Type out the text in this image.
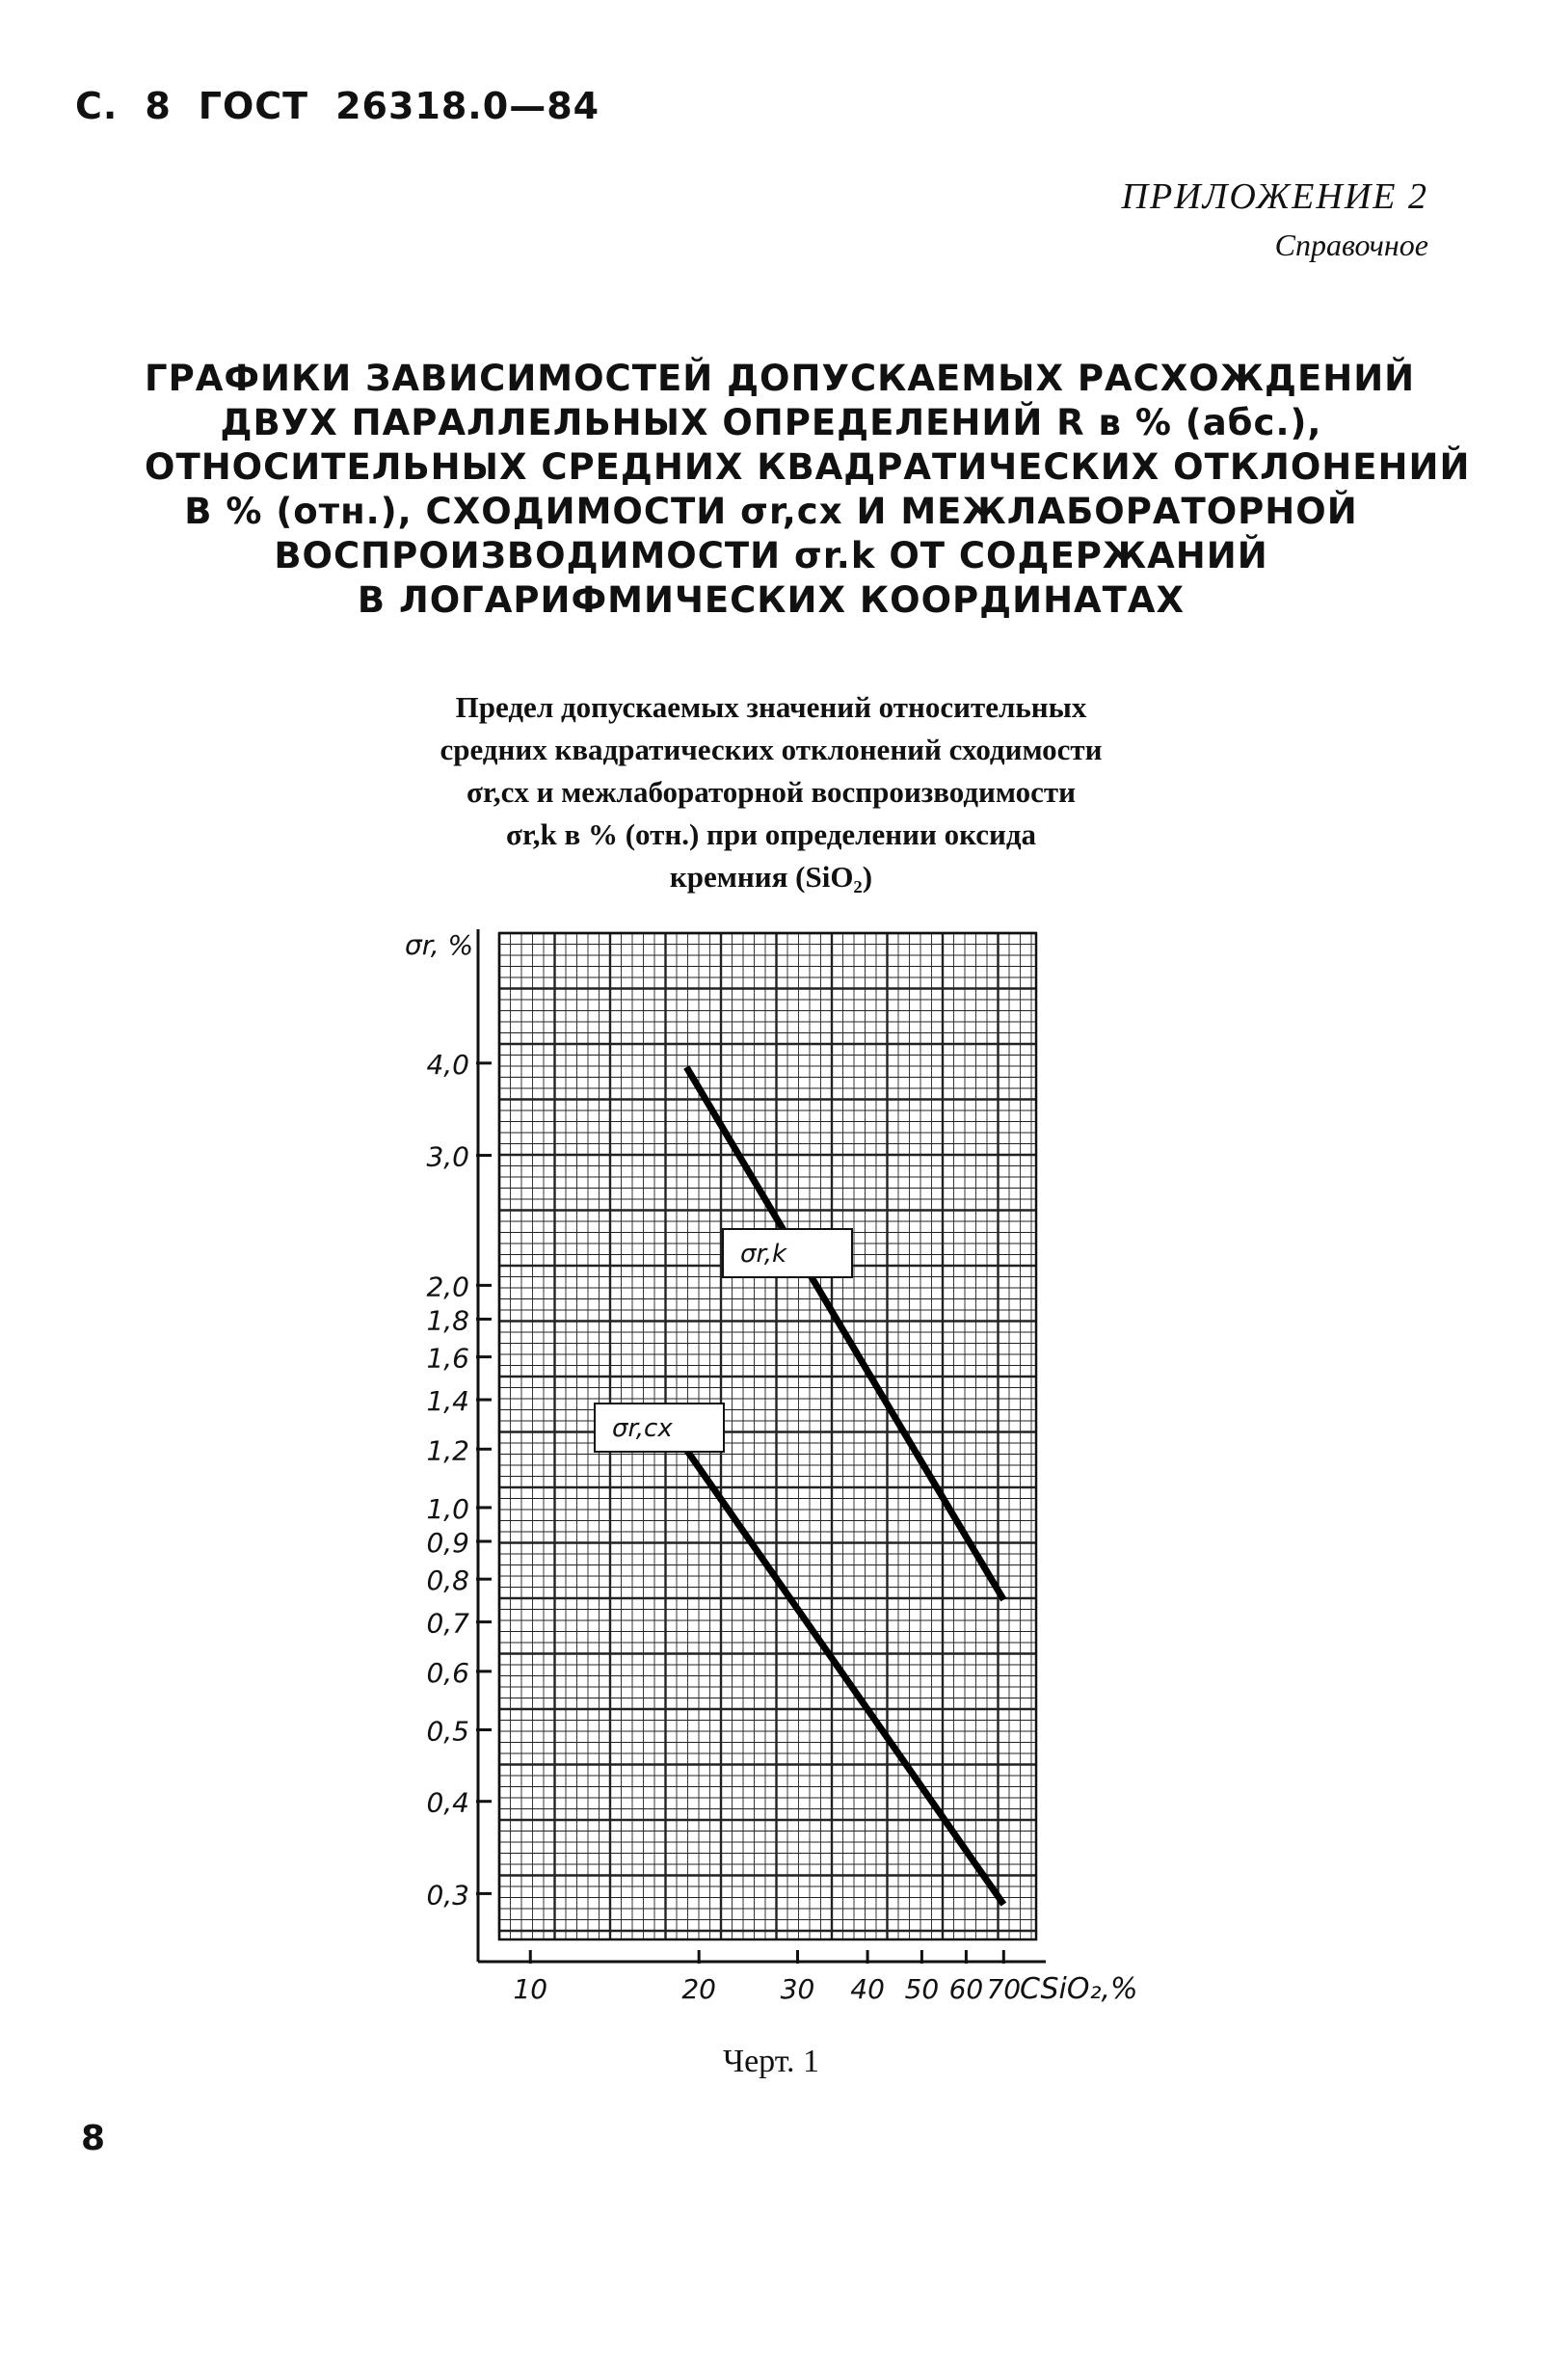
С. 8 ГОСТ 26318.0—84
ПРИЛОЖЕНИЕ 2
Справочное
ГРАФИКИ ЗАВИСИМОСТЕЙ ДОПУСКАЕМЫХ РАСХОЖДЕНИЙ
ДВУХ ПАРАЛЛЕЛЬНЫХ ОПРЕДЕЛЕНИЙ R в % (абс.),
ОТНОСИТЕЛЬНЫХ СРЕДНИХ КВАДРАТИЧЕСКИХ ОТКЛОНЕНИЙ
В % (отн.), СХОДИМОСТИ σr,cx И МЕЖЛАБОРАТОРНОЙ
ВОСПРОИЗВОДИМОСТИ σr.k ОТ СОДЕРЖАНИЙ
В ЛОГАРИФМИЧЕСКИХ КООРДИНАТАХ
Предел допускаемых значений относительных
средних квадратических отклонений сходимости
σr,cx и межлабораторной воспроизводимости
σr,k в % (отн.) при определении оксида
кремния (SiO₂)
4,0
3,0
2,0
1,8
1,6
1,4
1,2
1,0
0,9
0,8
0,7
0,6
0,5
0,4
0,3
10	20 30 40 50 60 70
σr, %
CSiO₂,%
σr,k
σr,cx
Черт. 1
8
